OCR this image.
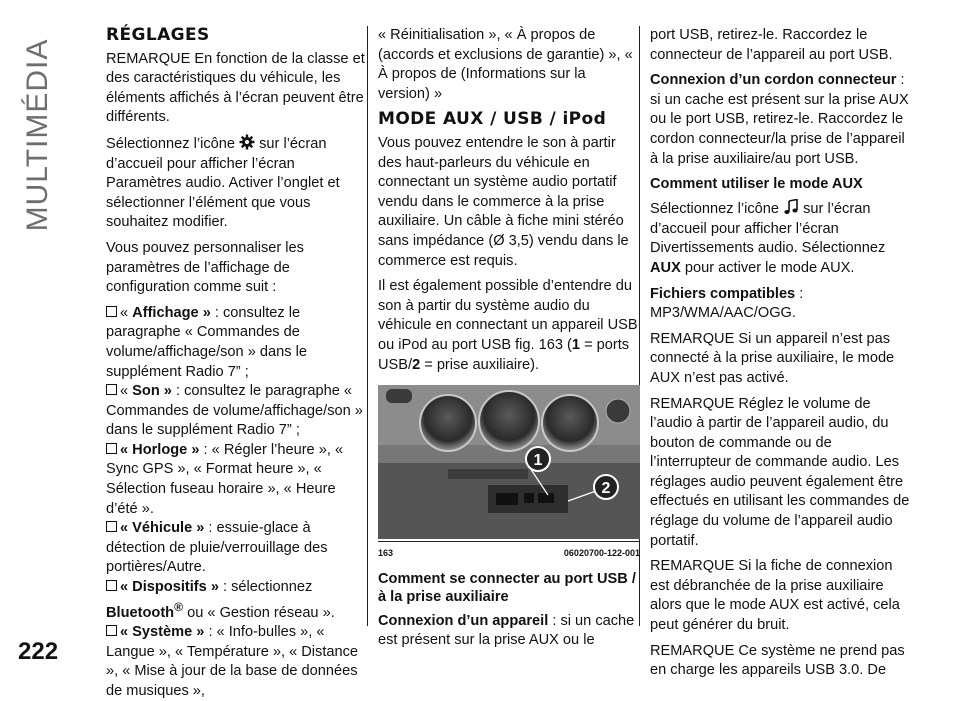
MULTIMÉDIA
222
RÉGLAGES

REMARQUE En fonction de la classe et des caractéristiques du véhicule, les éléments affichés à l’écran peuvent être différents.

Sélectionnez l’icône sur l’écran d’accueil pour afficher l’écran Paramètres audio. Activer l’onglet et sélectionner l’élément que vous souhaitez modifier.

Vous pouvez personnaliser les paramètres de l’affichage de configuration comme suit :

« Affichage » : consultez le paragraphe « Commandes de volume/affichage/son » dans le supplément Radio 7” ;
« Son » : consultez le paragraphe « Commandes de volume/affichage/son » dans le supplément Radio 7” ;
« Horloge » : « Régler l’heure », « Sync GPS », « Format heure », « Sélection fuseau horaire », « Heure d’été ».
« Véhicule » : essuie-glace à détection de pluie/verrouillage des portières/Autre.
« Dispositifs » : sélectionnez
Bluetooth® ou « Gestion réseau ».
« Système » : « Info-bulles », « Langue », « Température », « Distance », « Mise à jour de la base de données de musiques »,

« Réinitialisation », « À propos de (accords et exclusions de garantie) », « À propos de (Informations sur la version) »

MODE AUX / USB / iPod

Vous pouvez entendre le son à partir des haut-parleurs du véhicule en connectant un système audio portatif vendu dans le commerce à la prise auxiliaire. Un câble à fiche mini stéréo sans impédance (Ø 3,5) vendu dans le commerce est requis.

Il est également possible d’entendre du son à partir du système audio du véhicule en connectant un appareil USB ou iPod au port USB fig. 163 (1 = ports USB/2 = prise auxiliaire).

1
2
163	06020700-122-001
Comment se connecter au port USB / à la prise auxiliaire

Connexion d’un appareil : si un cache est présent sur la prise AUX ou le

port USB, retirez-le. Raccordez le connecteur de l’appareil au port USB.

Connexion d’un cordon connecteur : si un cache est présent sur la prise AUX ou le port USB, retirez-le. Raccordez le cordon connecteur/la prise de l’appareil à la prise auxiliaire/au port USB.

Comment utiliser le mode AUX

Sélectionnez l’icône sur l’écran d’accueil pour afficher l’écran Divertissements audio. Sélectionnez AUX pour activer le mode AUX.

Fichiers compatibles : MP3/WMA/AAC/OGG.

REMARQUE Si un appareil n’est pas connecté à la prise auxiliaire, le mode AUX n’est pas activé.

REMARQUE Réglez le volume de l’audio à partir de l’appareil audio, du bouton de commande ou de l’interrupteur de commande audio. Les réglages audio peuvent également être effectués en utilisant les commandes de réglage du volume de l’appareil audio portatif.

REMARQUE Si la fiche de connexion est débranchée de la prise auxiliaire alors que le mode AUX est activé, cela peut générer du bruit.

REMARQUE Ce système ne prend pas en charge les appareils USB 3.0. De
